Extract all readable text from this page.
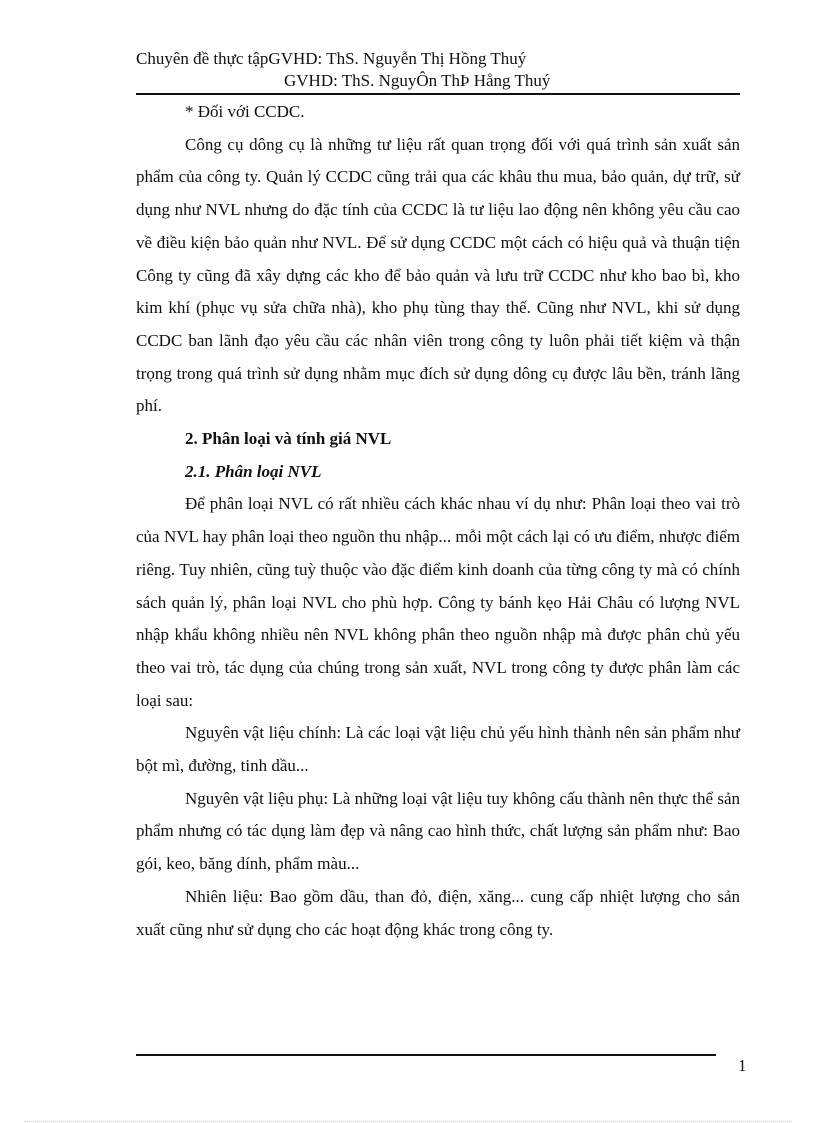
Chuyên đề thực tậpGVHD: ThS. Nguyễn Thị Hồng Thuý

GVHD: ThS. NguyÔn ThÞ Hång Thuý

* Đối với CCDC.

Công cụ dông cụ là những tư liệu rất quan trọng đối với quá trình sản xuất sản phẩm của công ty. Quản lý CCDC cũng trải qua các khâu thu mua, bảo quản, dự trữ, sử dụng như NVL nhưng do đặc tính của CCDC là tư liệu lao động nên không yêu cầu cao về điều kiện bảo quản như NVL. Để sử dụng CCDC một cách có hiệu quả và thuận tiện Công ty cũng đã xây dựng các kho để bảo quản và lưu trữ CCDC như kho bao bì, kho kim khí (phục vụ sửa chữa nhà), kho phụ tùng thay thế. Cũng như NVL, khi sử dụng CCDC ban lãnh đạo yêu cầu các nhân viên trong công ty luôn phải tiết kiệm và thận trọng trong quá trình sử dụng nhằm mục đích sử dụng dông cụ được lâu bền, tránh lãng phí.

2. Phân loại và tính giá NVL

2.1. Phân loại NVL

Để phân loại NVL có rất nhiều cách khác nhau ví dụ như: Phân loại theo vai trò của NVL hay phân loại theo nguồn thu nhập... mỗi một cách lại có ưu điểm, nhược điểm riêng. Tuy nhiên, cũng tuỳ thuộc vào đặc điểm kinh doanh của từng công ty mà có chính sách quản lý, phân loại NVL cho phù hợp. Công ty bánh kẹo Hải Châu có lượng NVL nhập khẩu không nhiều nên NVL không phân theo nguồn nhập mà được phân chủ yếu theo vai trò, tác dụng của chúng trong sản xuất, NVL trong công ty được phân làm các loại sau:

Nguyên vật liệu chính: Là các loại vật liệu chủ yếu hình thành nên sản phẩm như bột mì, đường, tinh dầu...

Nguyên vật liệu phụ: Là những loại vật liệu tuy không cấu thành nên thực thể sản phẩm nhưng có tác dụng làm đẹp và nâng cao hình thức, chất lượng sản phẩm như: Bao gói, keo, băng dính, phẩm màu...

Nhiên liệu: Bao gồm dầu, than đỏ, điện, xăng... cung cấp nhiệt lượng cho sản xuất cũng như sử dụng cho các hoạt động khác trong công ty.

1
